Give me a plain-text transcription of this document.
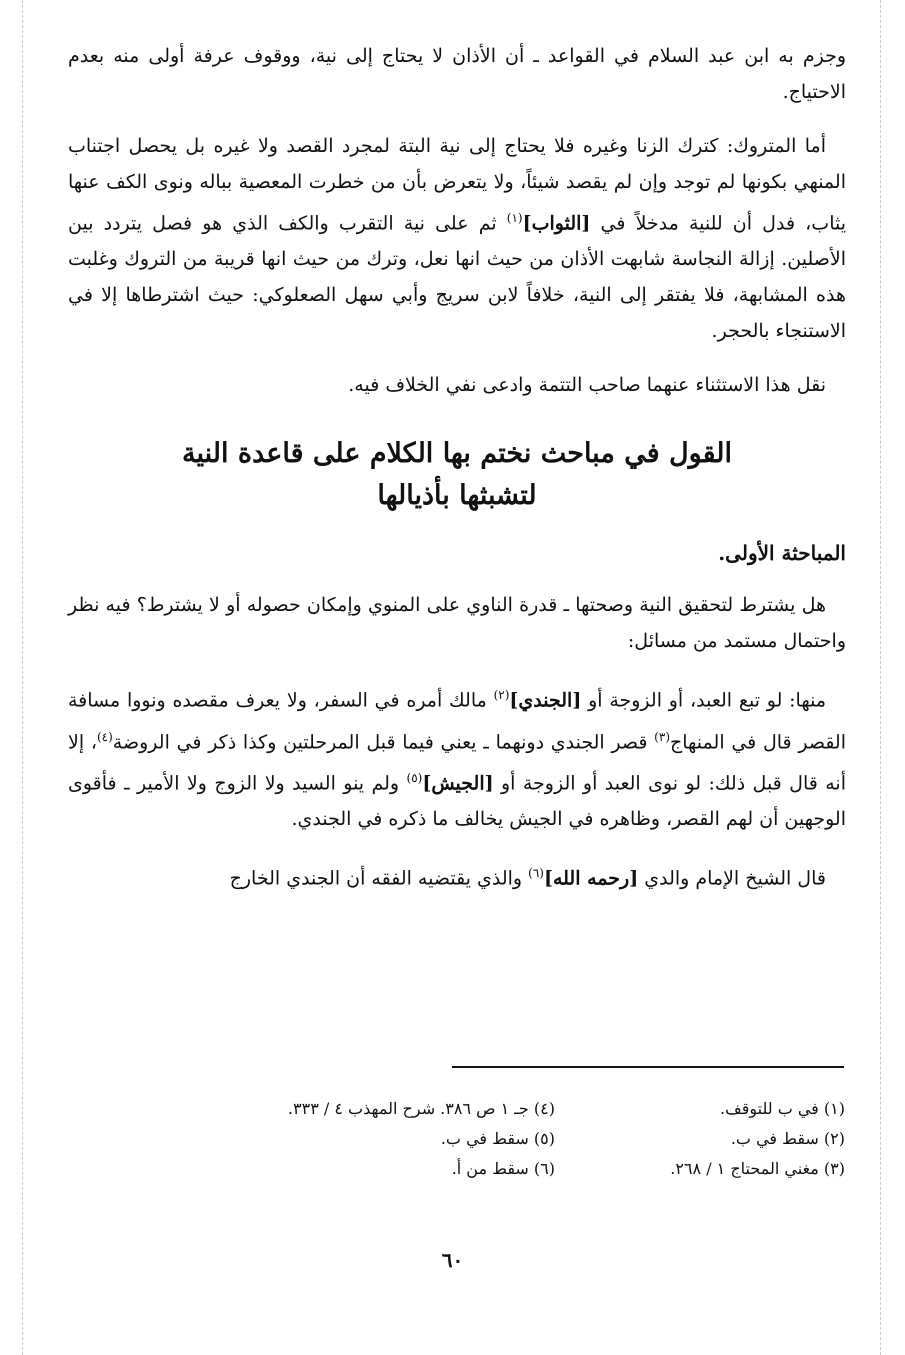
وجزم به ابن عبد السلام في القواعد ـ أن الأذان لا يحتاج إلى نية، ووقوف عرفة أولى منه بعدم الاحتياج.

أما المتروك: كترك الزنا وغيره فلا يحتاج إلى نية البتة لمجرد القصد ولا غيره بل يحصل اجتناب المنهي بكونها لم توجد وإن لم يقصد شيئاً، ولا يتعرض بأن من خطرت المعصية بباله ونوى الكف عنها يثاب، فدل أن للنية مدخلاً في [الثواب]$^{(١)}$ ثم على نية التقرب والكف الذي هو فصل يتردد بين الأصلين. إزالة النجاسة شابهت الأذان من حيث انها نعل، وترك من حيث انها قريبة من التروك وغلبت هذه المشابهة، فلا يفتقر إلى النية، خلافاً لابن سريج وأبي سهل الصعلوكي: حيث اشترطاها إلا في الاستنجاء بالحجر.

نقل هذا الاستثناء عنهما صاحب التتمة وادعى نفي الخلاف فيه.

القول في مباحث نختم بها الكلام على قاعدة النية لتشبثها بأذيالها
المباحثة الأولى.

هل يشترط لتحقيق النية وصحتها ـ قدرة الناوي على المنوي وإمكان حصوله أو لا يشترط؟ فيه نظر واحتمال مستمد من مسائل:

منها: لو تبع العبد، أو الزوجة أو [الجندي]$^{(٢)}$ مالك أمره في السفر، ولا يعرف مقصده ونووا مسافة القصر قال في المنهاج$^{(٣)}$ قصر الجندي دونهما ـ يعني فيما قبل المرحلتين وكذا ذكر في الروضة$^{(٤)}$، إلا أنه قال قبل ذلك: لو نوى العبد أو الزوجة أو [الجيش]$^{(٥)}$ ولم ينو السيد ولا الزوج ولا الأمير ـ فأقوى الوجهين أن لهم القصر، وظاهره في الجيش يخالف ما ذكره في الجندي.

قال الشيخ الإمام والدي [رحمه الله]$^{(٦)}$ والذي يقتضيه الفقه أن الجندي الخارج

(١) في ب للتوقف.
(٢) سقط في ب.
(٣) مغني المحتاج ١ / ٢٦٨.
(٤) جـ ١ ص ٣٨٦. شرح المهذب ٤ / ٣٣٣.
(٥) سقط في ب.
(٦) سقط من أ.
٦٠
